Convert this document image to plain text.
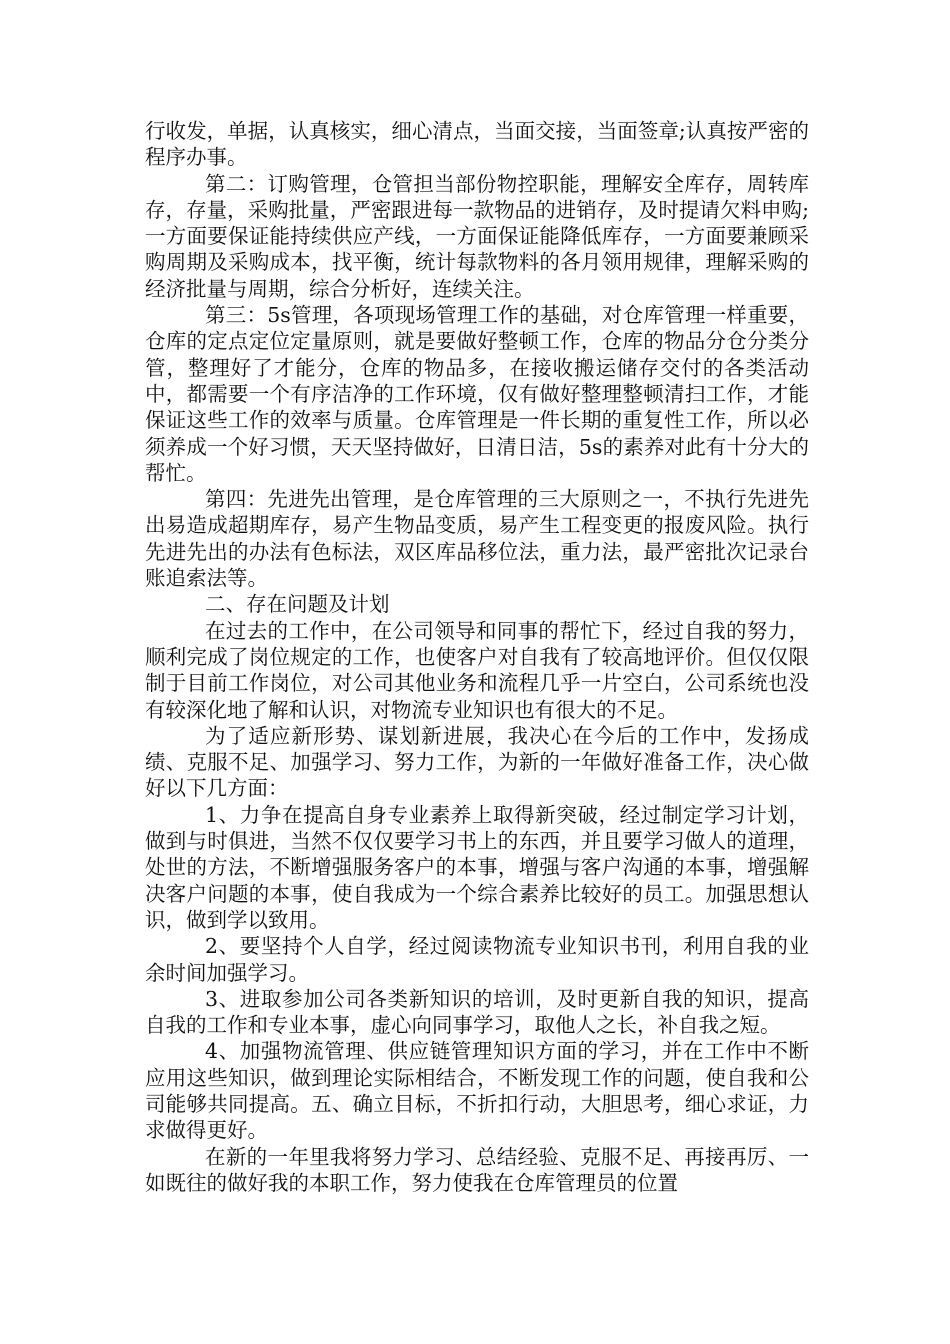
行收发，单据，认真核实，细心清点，当面交接，当面签章;认真按严密的程序办事。

第二：订购管理，仓管担当部份物控职能，理解安全库存，周转库存，存量，采购批量，严密跟进每一款物品的进销存，及时提请欠料申购;一方面要保证能持续供应产线，一方面保证能降低库存，一方面要兼顾采购周期及采购成本，找平衡，统计每款物料的各月领用规律，理解采购的经济批量与周期，综合分析好，连续关注。

第三：5s管理，各项现场管理工作的基础，对仓库管理一样重要，仓库的定点定位定量原则，就是要做好整顿工作，仓库的物品分仓分类分管，整理好了才能分，仓库的物品多，在接收搬运储存交付的各类活动中，都需要一个有序洁净的工作环境，仅有做好整理整顿清扫工作，才能保证这些工作的效率与质量。仓库管理是一件长期的重复性工作，所以必须养成一个好习惯，天天坚持做好，日清日洁，5s的素养对此有十分大的帮忙。

第四：先进先出管理，是仓库管理的三大原则之一，不执行先进先出易造成超期库存，易产生物品变质，易产生工程变更的报废风险。执行先进先出的办法有色标法，双区库品移位法，重力法，最严密批次记录台账追索法等。

二、存在问题及计划

在过去的工作中，在公司领导和同事的帮忙下，经过自我的努力，顺利完成了岗位规定的工作，也使客户对自我有了较高地评价。但仅仅限制于目前工作岗位，对公司其他业务和流程几乎一片空白，公司系统也没有较深化地了解和认识，对物流专业知识也有很大的不足。

为了适应新形势、谋划新进展，我决心在今后的工作中，发扬成绩、克服不足、加强学习、努力工作，为新的一年做好准备工作，决心做好以下几方面：

1、力争在提高自身专业素养上取得新突破，经过制定学习计划，做到与时俱进，当然不仅仅要学习书上的东西，并且要学习做人的道理，处世的方法，不断增强服务客户的本事，增强与客户沟通的本事，增强解决客户问题的本事，使自我成为一个综合素养比较好的员工。加强思想认识，做到学以致用。

2、要坚持个人自学，经过阅读物流专业知识书刊，利用自我的业余时间加强学习。

3、进取参加公司各类新知识的培训，及时更新自我的知识，提高自我的工作和专业本事，虚心向同事学习，取他人之长，补自我之短。

4、加强物流管理、供应链管理知识方面的学习，并在工作中不断应用这些知识，做到理论实际相结合，不断发现工作的问题，使自我和公司能够共同提高。五、确立目标，不折扣行动，大胆思考，细心求证，力求做得更好。

在新的一年里我将努力学习、总结经验、克服不足、再接再厉、一如既往的做好我的本职工作，努力使我在仓库管理员的位置
